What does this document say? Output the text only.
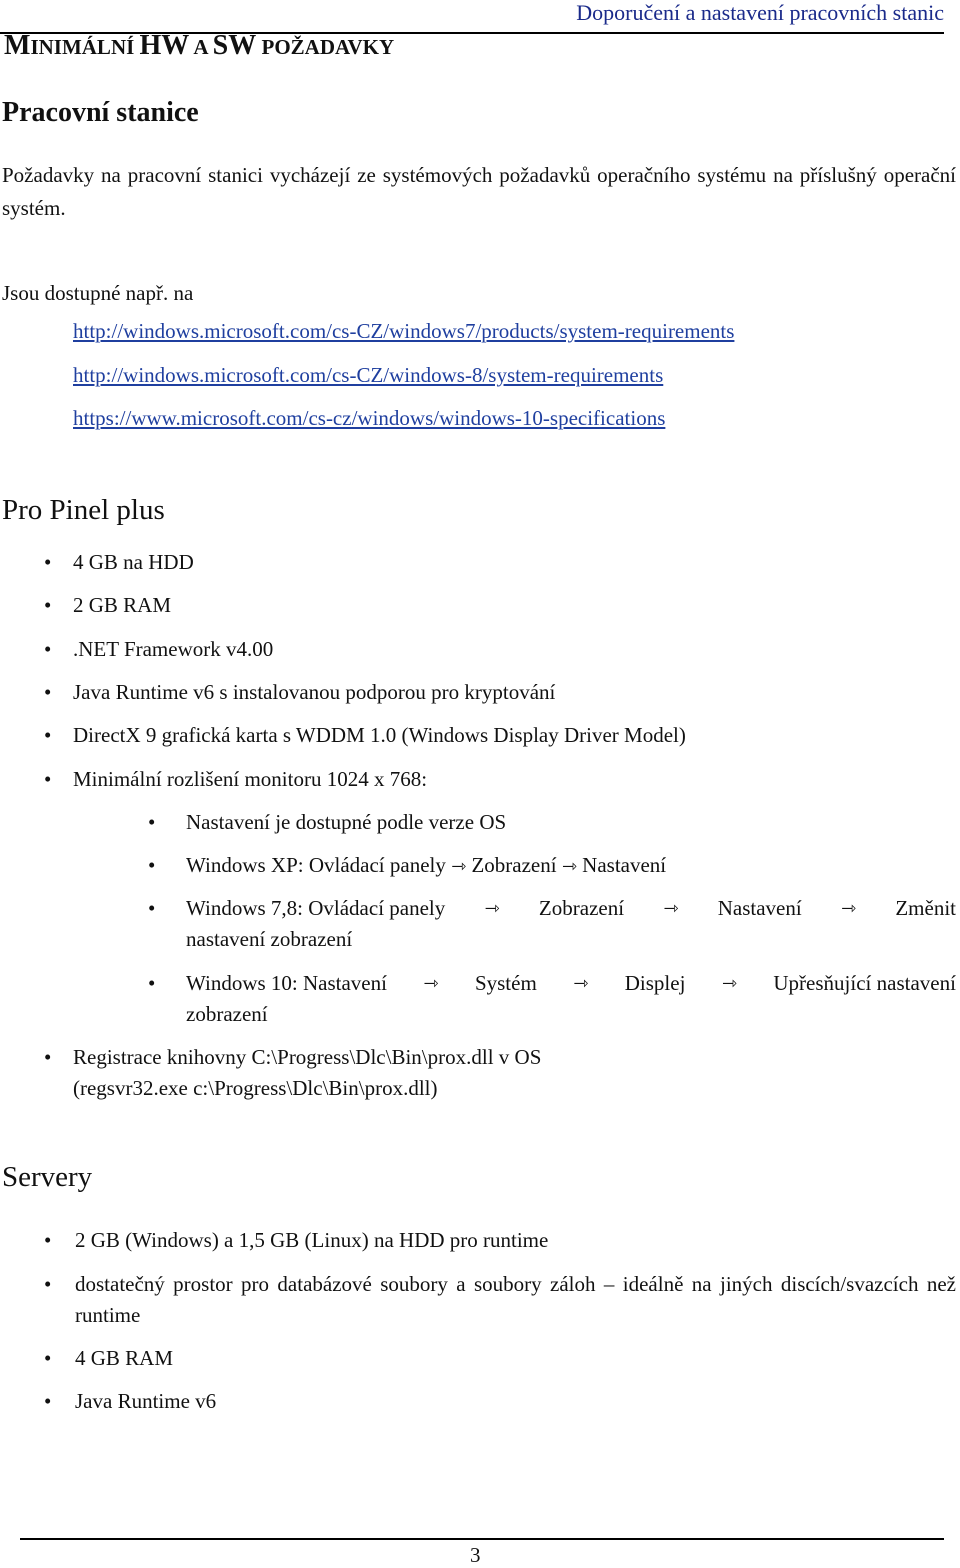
Doporučení a nastavení pracovních stanic
MINIMÁLNÍ HW A SW POŽADAVKY
Pracovní stanice
Požadavky na pracovní stanici vycházejí ze systémových požadavků operačního systému na příslušný operační systém.
Jsou dostupné např. na
http://windows.microsoft.com/cs-CZ/windows7/products/system-requirements
http://windows.microsoft.com/cs-CZ/windows-8/system-requirements
https://www.microsoft.com/cs-cz/windows/windows-10-specifications
Pro Pinel plus
• 4 GB na HDD
• 2 GB RAM
• .NET Framework v4.00
• Java Runtime v6 s instalovanou podporou pro kryptování
• DirectX 9 grafická karta s WDDM 1.0 (Windows Display Driver Model)
• Minimální rozlišení monitoru 1024 x 768:
• Nastavení je dostupné podle verze OS
• Windows XP: Ovládací panely ⇾ Zobrazení ⇾ Nastavení
• Windows 7,8: Ovládací panely ⇾ Zobrazení ⇾ Nastavení ⇾ Změnit
nastavení zobrazení
• Windows 10: Nastavení ⇾ Systém ⇾ Displej ⇾ Upřesňující nastavení
zobrazení
• Registrace knihovny C:\Progress\Dlc\Bin\prox.dll v OS
(regsvr32.exe c:\Progress\Dlc\Bin\prox.dll)
Servery
• 2 GB (Windows) a 1,5 GB (Linux) na HDD pro runtime
• dostatečný prostor pro databázové soubory a soubory záloh – ideálně na jiných discích/svazcích než runtime
• 4 GB RAM
• Java Runtime v6
3
